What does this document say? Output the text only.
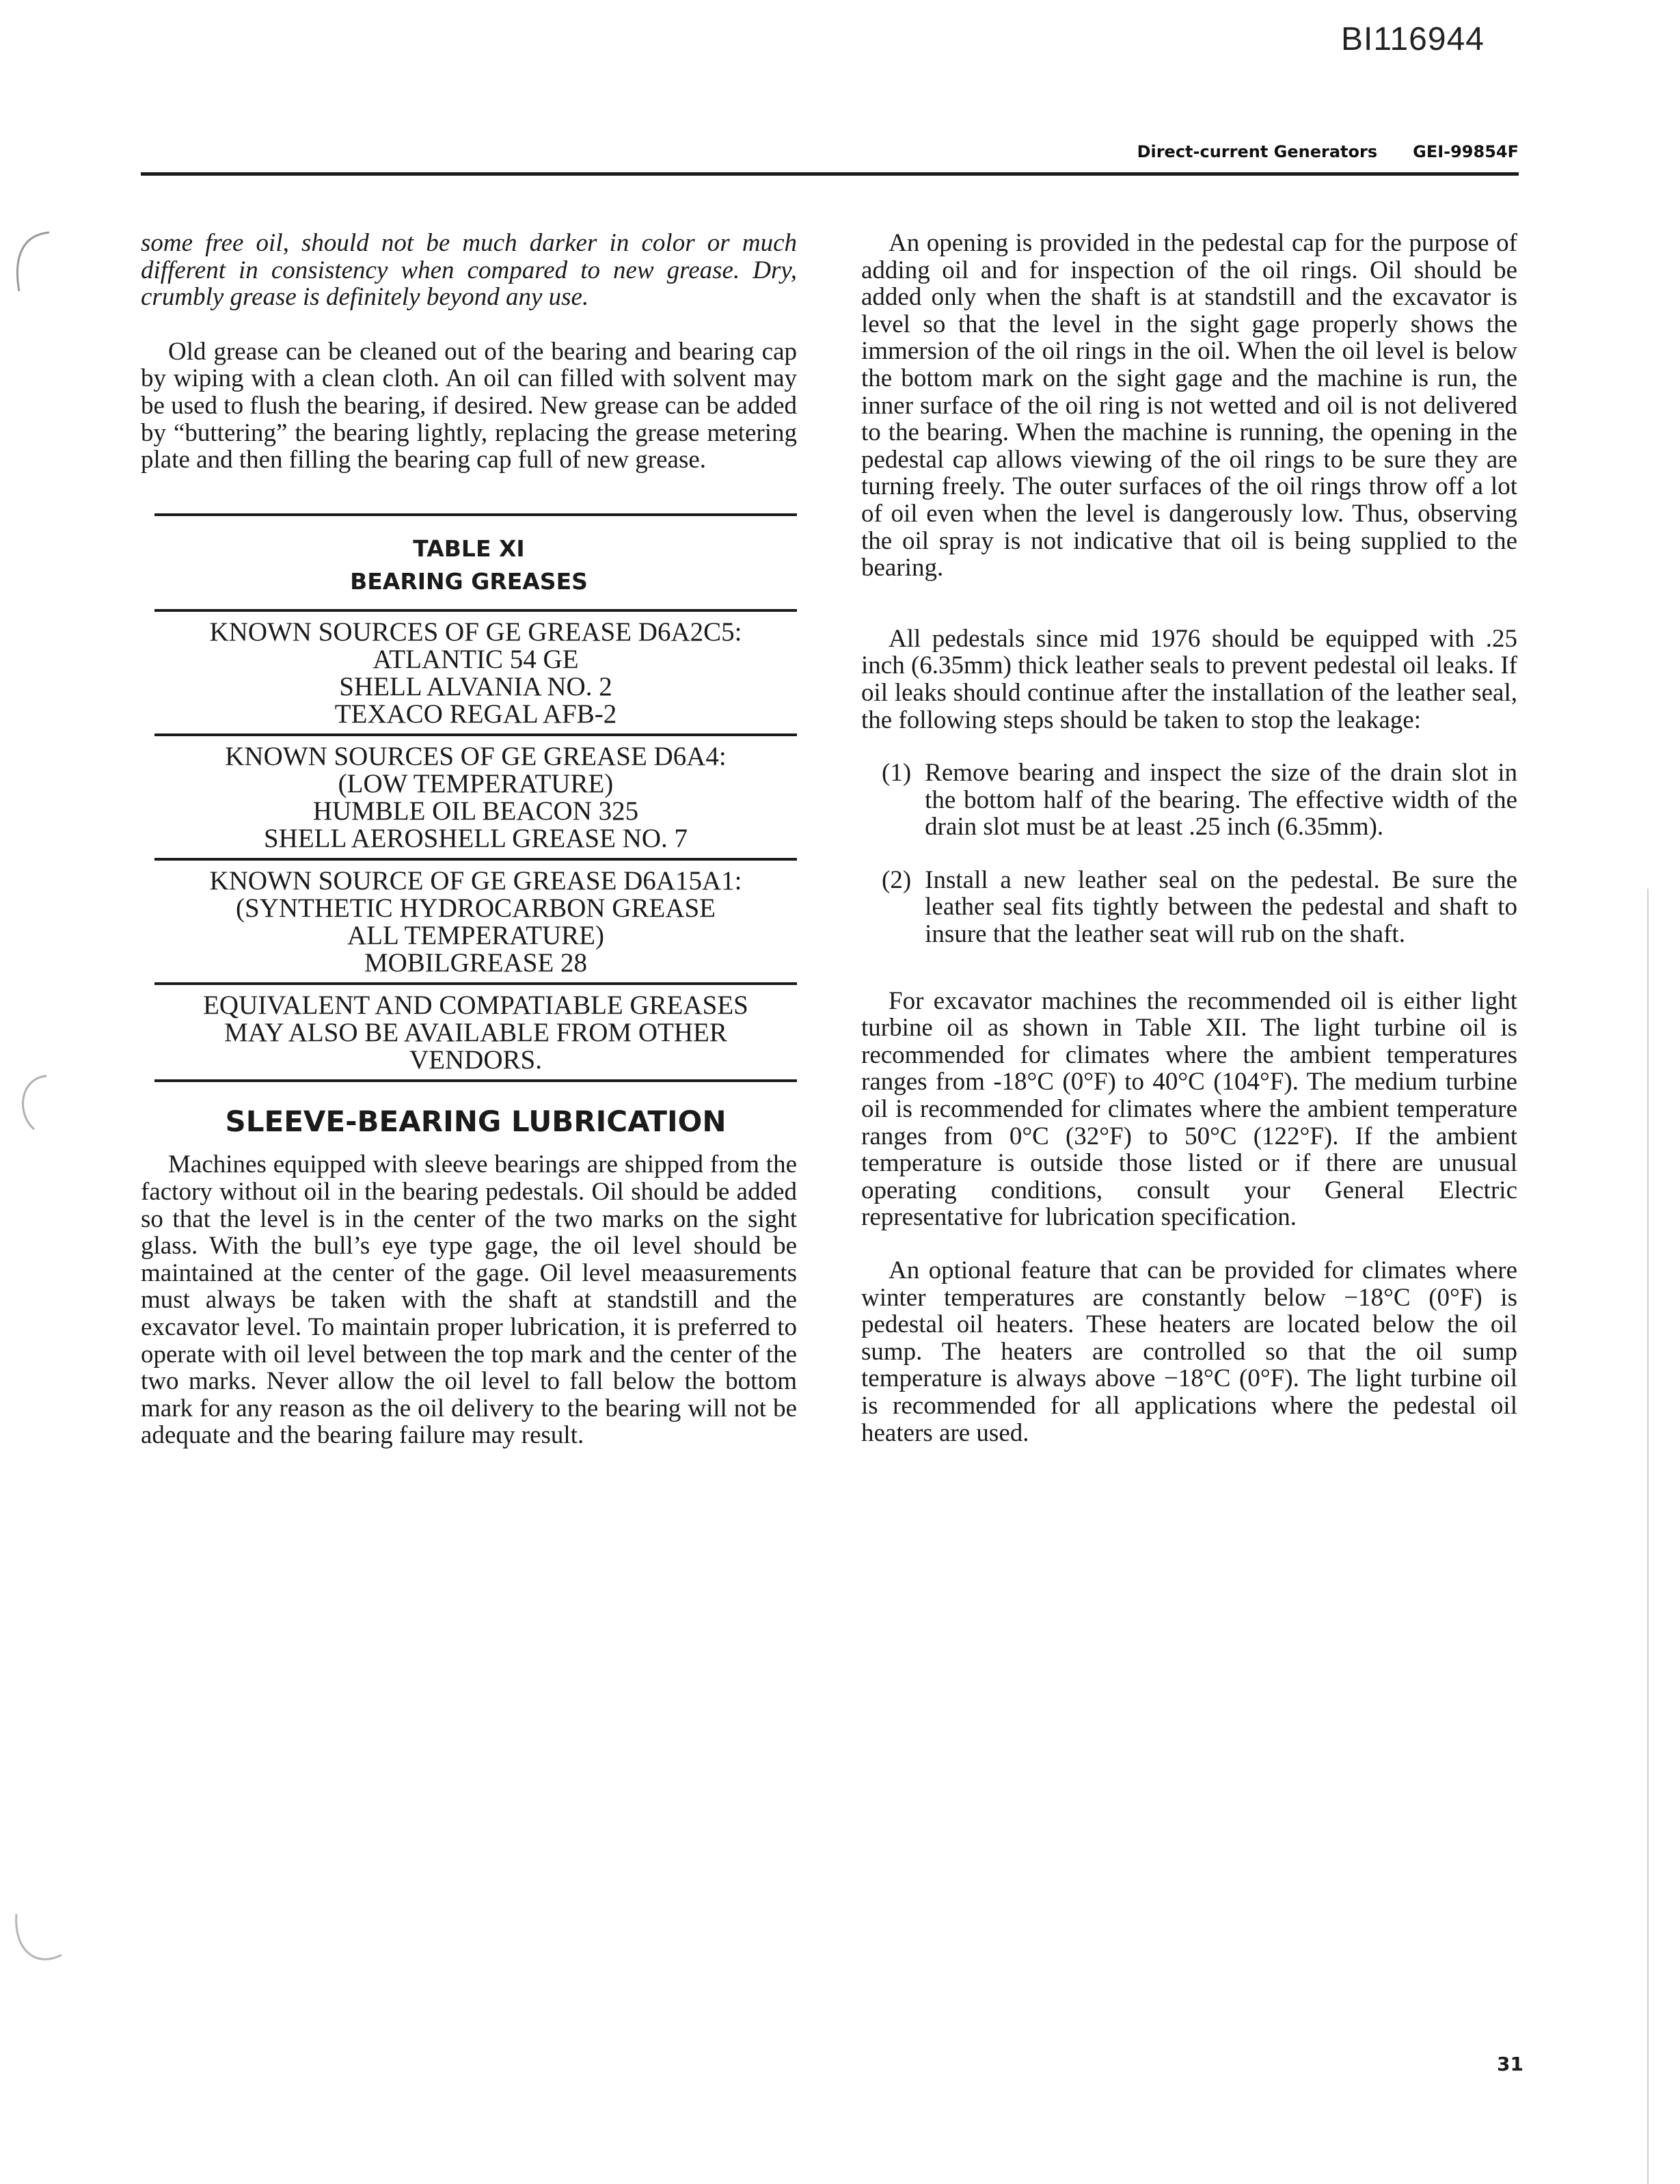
BI116944
Direct-current Generators GEI-99854F

some free oil, should not be much darker in color or much different in consistency when compared to new grease. Dry, crumbly grease is definitely beyond any use.

Old grease can be cleaned out of the bearing and bearing cap by wiping with a clean cloth. An oil can filled with solvent may be used to flush the bearing, if desired. New grease can be added by “buttering” the bearing lightly, replacing the grease metering plate and then filling the bearing cap full of new grease.

TABLE XI
BEARING GREASES
KNOWN SOURCES OF GE GREASE D6A2C5:
ATLANTIC 54 GE
SHELL ALVANIA NO. 2
TEXACO REGAL AFB-2
KNOWN SOURCES OF GE GREASE D6A4:
(LOW TEMPERATURE)
HUMBLE OIL BEACON 325
SHELL AEROSHELL GREASE NO. 7
KNOWN SOURCE OF GE GREASE D6A15A1:
(SYNTHETIC HYDROCARBON GREASE
ALL TEMPERATURE)
MOBILGREASE 28
EQUIVALENT AND COMPATIABLE GREASES
MAY ALSO BE AVAILABLE FROM OTHER
VENDORS.
SLEEVE-BEARING LUBRICATION

Machines equipped with sleeve bearings are shipped from the factory without oil in the bearing pedestals. Oil should be added so that the level is in the center of the two marks on the sight glass. With the bull’s eye type gage, the oil level should be maintained at the center of the gage. Oil level meaasurements must always be taken with the shaft at standstill and the excavator level. To maintain proper lubrication, it is preferred to operate with oil level between the top mark and the center of the two marks. Never allow the oil level to fall below the bottom mark for any reason as the oil delivery to the bearing will not be adequate and the bearing failure may result.

An opening is provided in the pedestal cap for the purpose of adding oil and for inspection of the oil rings. Oil should be added only when the shaft is at standstill and the excavator is level so that the level in the sight gage properly shows the immersion of the oil rings in the oil. When the oil level is below the bottom mark on the sight gage and the machine is run, the inner surface of the oil ring is not wetted and oil is not delivered to the bearing. When the machine is running, the opening in the pedestal cap allows viewing of the oil rings to be sure they are turning freely. The outer surfaces of the oil rings throw off a lot of oil even when the level is dangerously low. Thus, observing the oil spray is not indicative that oil is being supplied to the bearing.

All pedestals since mid 1976 should be equipped with .25 inch (6.35mm) thick leather seals to prevent pedestal oil leaks. If oil leaks should continue after the installation of the leather seal, the following steps should be taken to stop the leakage:

(1) Remove bearing and inspect the size of the drain slot in the bottom half of the bearing. The effective width of the drain slot must be at least .25 inch (6.35mm).
(2) Install a new leather seal on the pedestal. Be sure the leather seal fits tightly between the pedestal and shaft to insure that the leather seat will rub on the shaft.

For excavator machines the recommended oil is either light turbine oil as shown in Table XII. The light turbine oil is recommended for climates where the ambient temperatures ranges from -18°C (0°F) to 40°C (104°F). The medium turbine oil is recommended for climates where the ambient temperature ranges from 0°C (32°F) to 50°C (122°F). If the ambient temperature is outside those listed or if there are unusual operating conditions, consult your General Electric representative for lubrication specification.

An optional feature that can be provided for climates where winter temperatures are constantly below −18°C (0°F) is pedestal oil heaters. These heaters are located below the oil sump. The heaters are controlled so that the oil sump temperature is always above −18°C (0°F). The light turbine oil is recommended for all applications where the pedestal oil heaters are used.

31
